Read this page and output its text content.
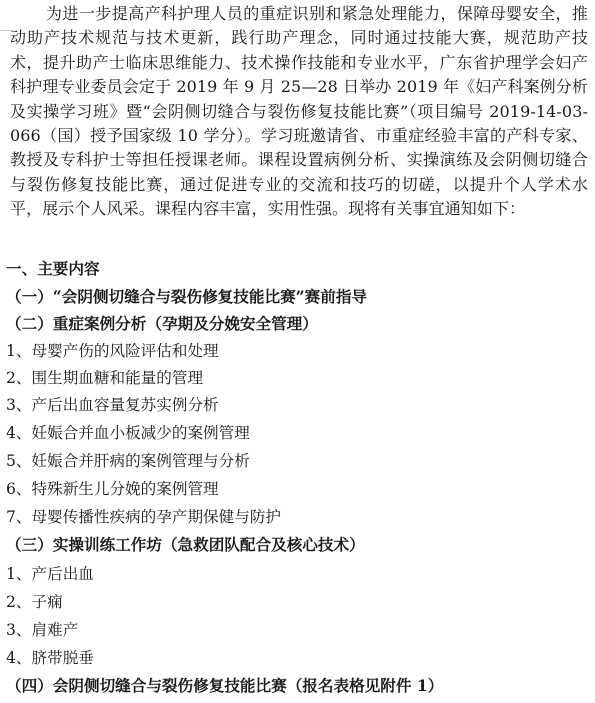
为进一步提高产科护理人员的重症识别和紧急处理能力，保障母婴安全，推动助产技术规范与技术更新，践行助产理念，同时通过技能大赛，规范助产技术，提升助产士临床思维能力、技术操作技能和专业水平，广东省护理学会妇产科护理专业委员会定于 2019 年 9 月 25—28 日举办 2019 年《妇产科案例分析及实操学习班》暨“会阴侧切缝合与裂伤修复技能比赛”（项目编号 2019-14-03-066（国）授予国家级 10 学分）。学习班邀请省、市重症经验丰富的产科专家、教授及专科护士等担任授课老师。课程设置病例分析、实操演练及会阴侧切缝合与裂伤修复技能比赛，通过促进专业的交流和技巧的切磋，以提升个人学术水平，展示个人风采。课程内容丰富，实用性强。现将有关事宜通知如下：

一、主要内容
（一）“会阴侧切缝合与裂伤修复技能比赛”赛前指导
（二）重症案例分析（孕期及分娩安全管理）
1、母婴产伤的风险评估和处理
2、围生期血糖和能量的管理
3、产后出血容量复苏实例分析
4、妊娠合并血小板减少的案例管理
5、妊娠合并肝病的案例管理与分析
6、特殊新生儿分娩的案例管理
7、母婴传播性疾病的孕产期保健与防护
（三）实操训练工作坊（急救团队配合及核心技术）
1、产后出血
2、子痫
3、肩难产
4、脐带脱垂
（四）会阴侧切缝合与裂伤修复技能比赛（报名表格见附件 1）
